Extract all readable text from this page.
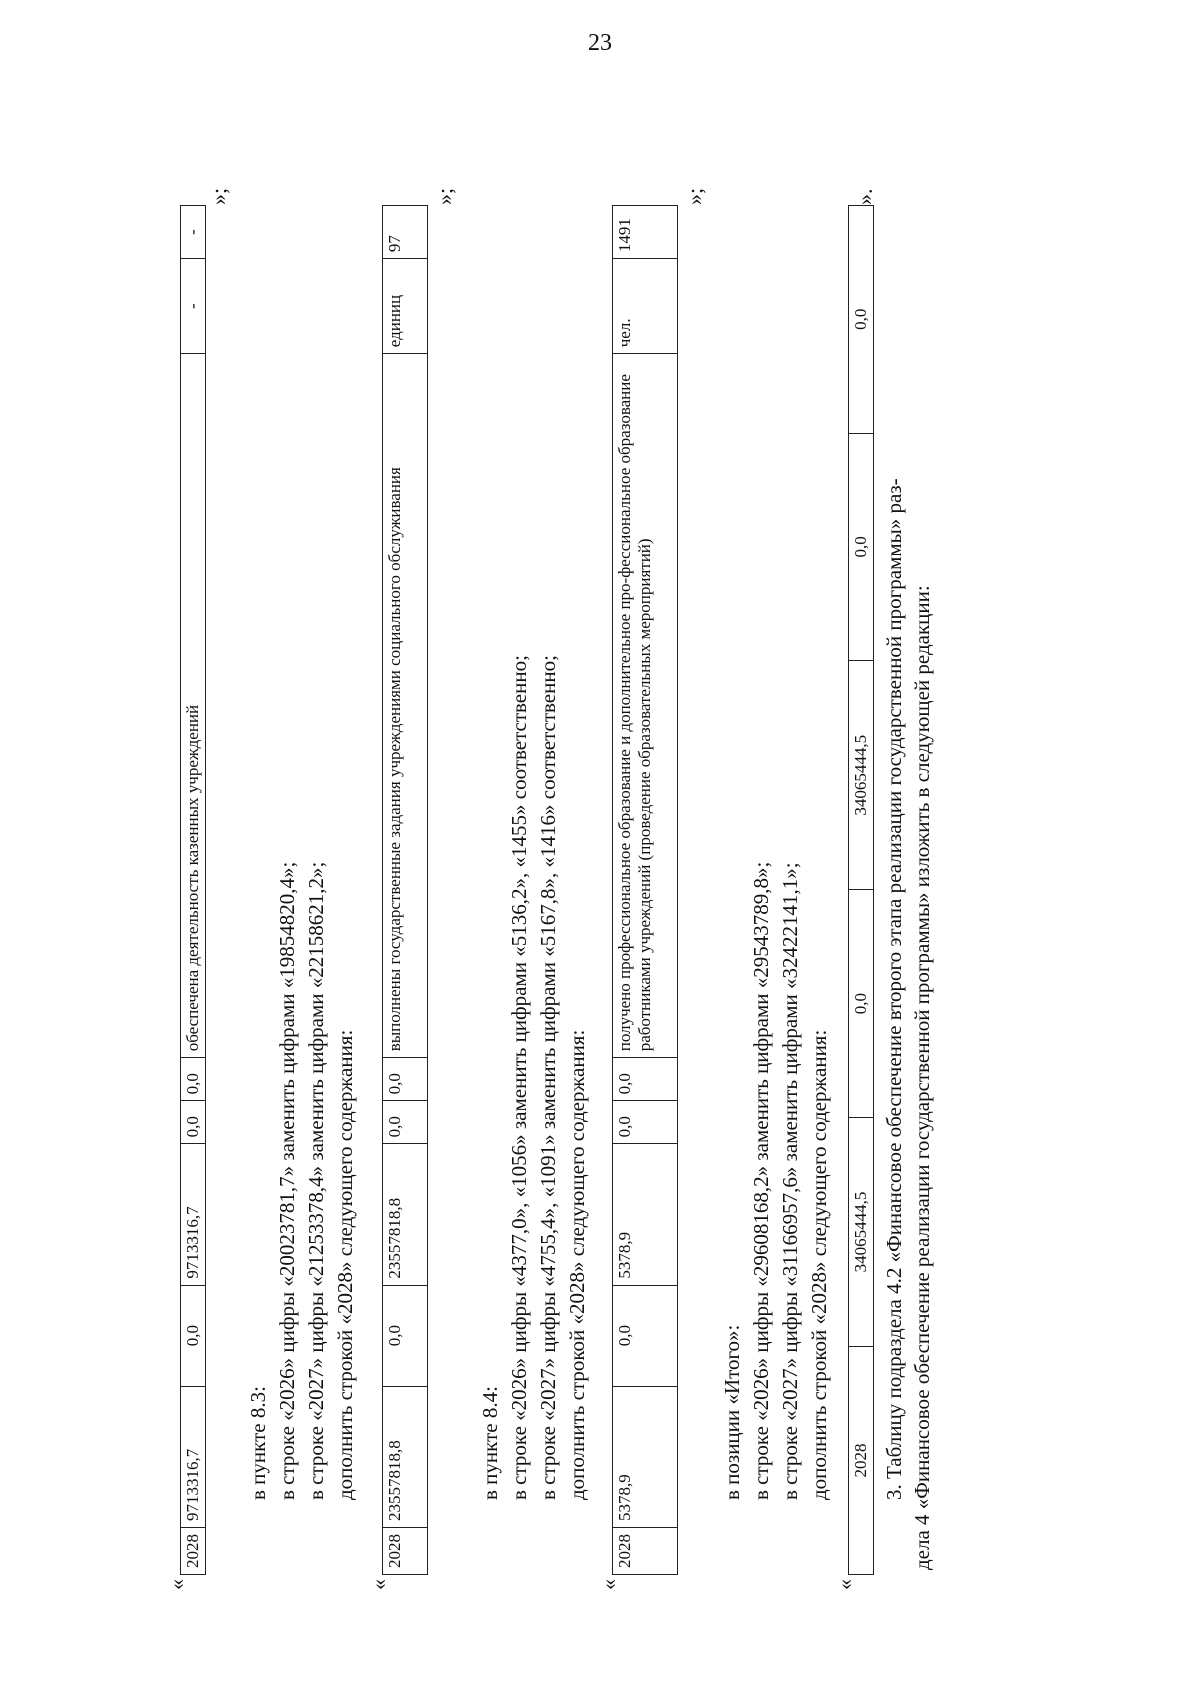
23
«
2028	9713316,7	0,0	9713316,7	0,0	0,0	обеспечена деятельность казенных учреждений	-	-
»;
в пункте 8.3: в строке «2026» цифры «20023781,7» заменить цифрами «19854820,4»; в строке «2027» цифры «21253378,4» заменить цифрами «22158621,2»; дополнить строкой «2028» следующего содержания:
«
2028	23557818,8	0,0	23557818,8	0,0	0,0	выполнены государственные задания учреждениями социального обслуживания	единиц	97
»;
в пункте 8.4: в строке «2026» цифры «4377,0», «1056» заменить цифрами «5136,2», «1455» соответственно; в строке «2027» цифры «4755,4», «1091» заменить цифрами «5167,8», «1416» соответственно; дополнить строкой «2028» следующего содержания:
«
2028	5378,9	0,0	5378,9	0,0	0,0	получено профессиональное образование и дополнительное про-фессиональное образование работниками учреждений (проведение образовательных мероприятий)	чел.	1491
»;
в позиции «Итого»: в строке «2026» цифры «29608168,2» заменить цифрами «29543789,8»; в строке «2027» цифры «31166957,6» заменить цифрами «32422141,1»; дополнить строкой «2028» следующего содержания:
«
2028	34065444,5	0,0	34065444,5	0,0	0,0
».
3. Таблицу подраздела 4.2 «Финансовое обеспечение второго этапа реализации государственной программы» раз- дела 4 «Финансовое обеспечение реализации государственной программы» изложить в следующей редакции:
